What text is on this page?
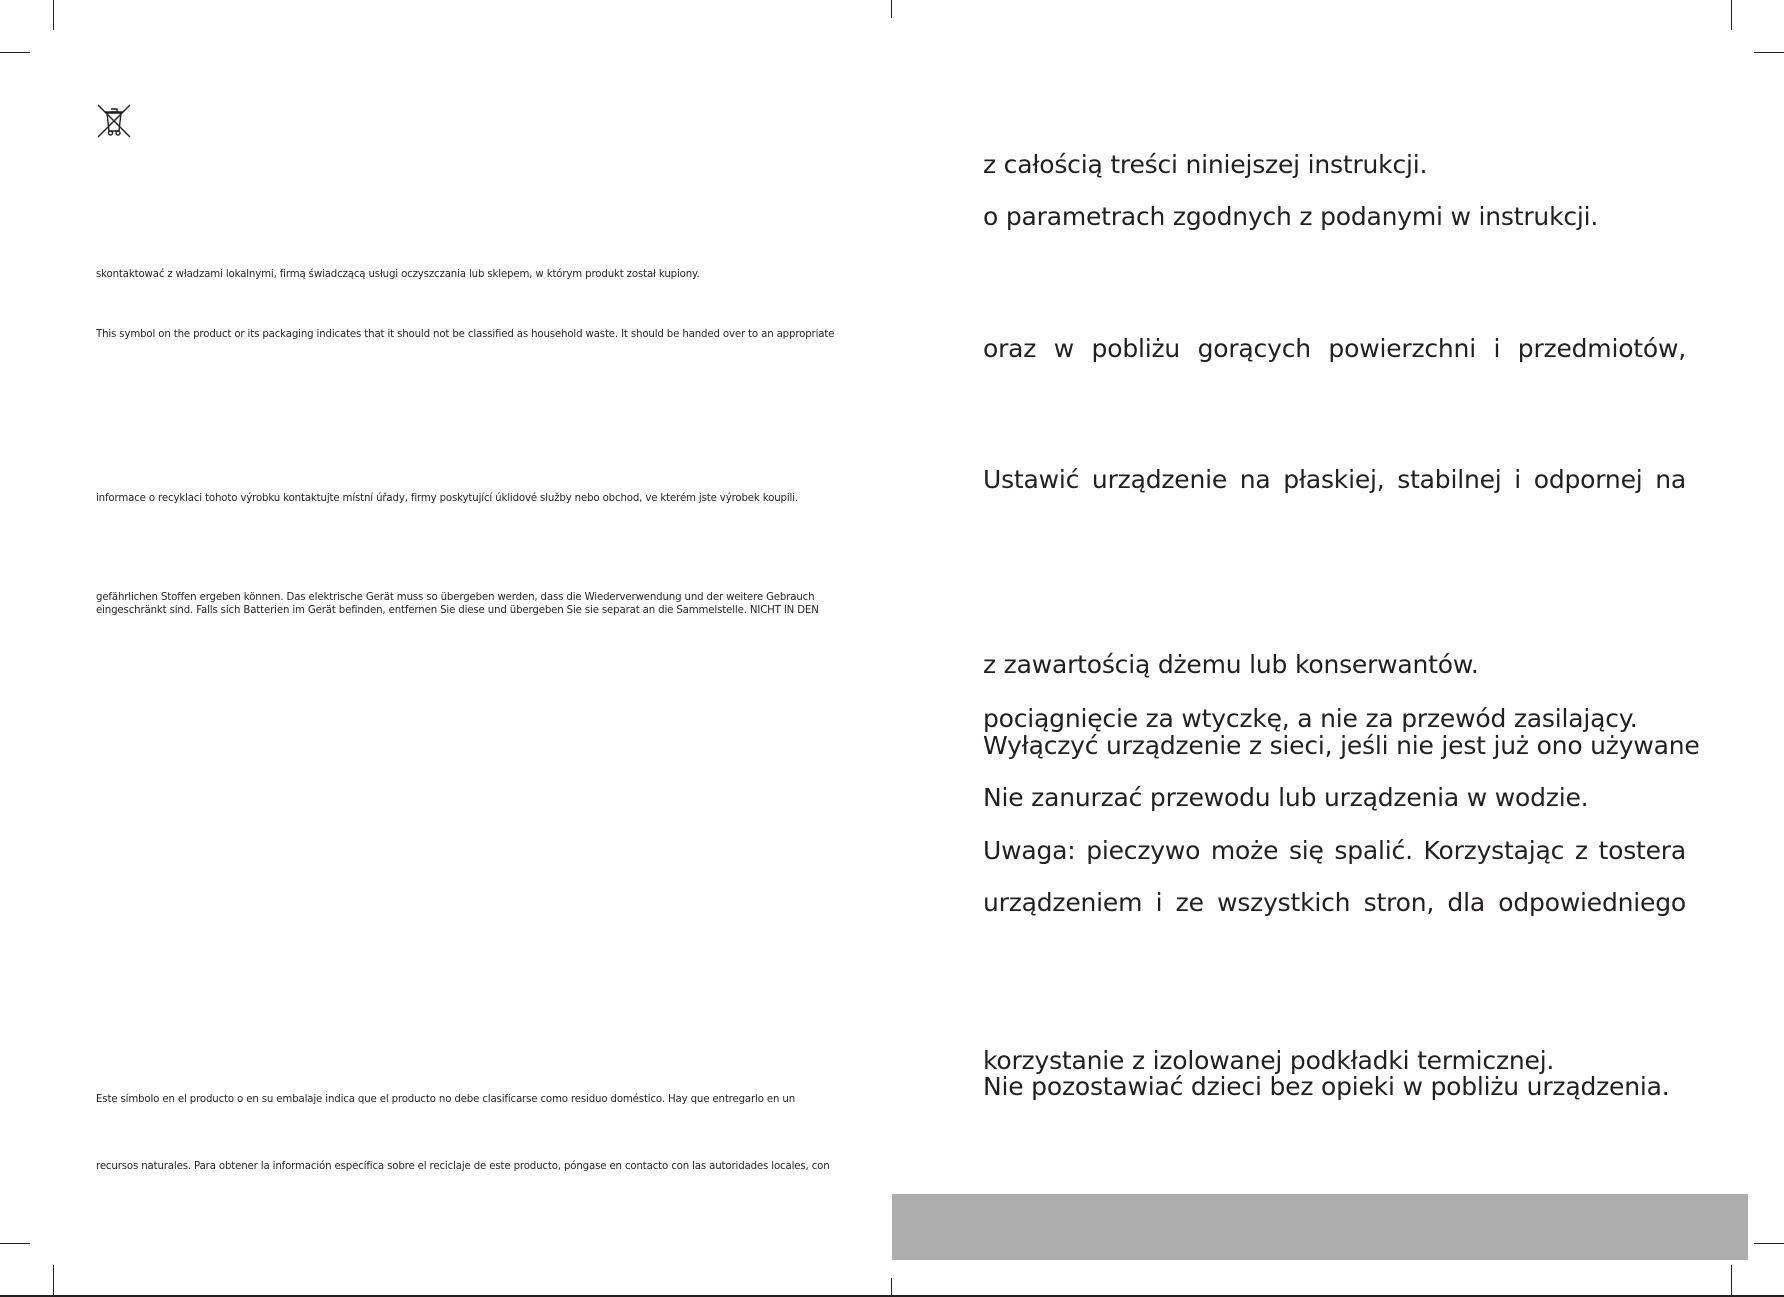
skontaktować z władzami lokalnymi, firmą świadczącą usługi oczyszczania lub sklepem, w którym produkt został kupiony.

This symbol on the product or its packaging indicates that it should not be classified as household waste. It should be handed over to an appropriate

informace o recyklaci tohoto výrobku kontaktujte místní úřady, firmy poskytující úklidové služby nebo obchod, ve kterém jste výrobek koupili.

gefährlichen Stoffen ergeben können. Das elektrische Gerät muss so übergeben werden, dass die Wiederverwendung und der weitere Gebrauch

eingeschränkt sind. Falls sich Batterien im Gerät befinden, entfernen Sie diese und übergeben Sie sie separat an die Sammelstelle. NICHT IN DEN

Este símbolo en el producto o en su embalaje indica que el producto no debe clasificarse como residuo doméstico. Hay que entregarlo en un

recursos naturales. Para obtener la información específica sobre el reciclaje de este producto, póngase en contacto con las autoridades locales, con

z całością treści niniejszej instrukcji.

o parametrach zgodnych z podanymi w instrukcji.

oraz w pobliżu gorących powierzchni i przedmiotów,

Ustawić urządzenie na płaskiej, stabilnej i odpornej na

z zawartością dżemu lub konserwantów.

pociągnięcie za wtyczkę, a nie za przewód zasilający.

Wyłączyć urządzenie z sieci, jeśli nie jest już ono używane

Nie zanurzać przewodu lub urządzenia w wodzie.

Uwaga: pieczywo może się spalić. Korzystając z tostera

urządzeniem i ze wszystkich stron, dla odpowiedniego

korzystanie z izolowanej podkładki termicznej.

Nie pozostawiać dzieci bez opieki w pobliżu urządzenia.
